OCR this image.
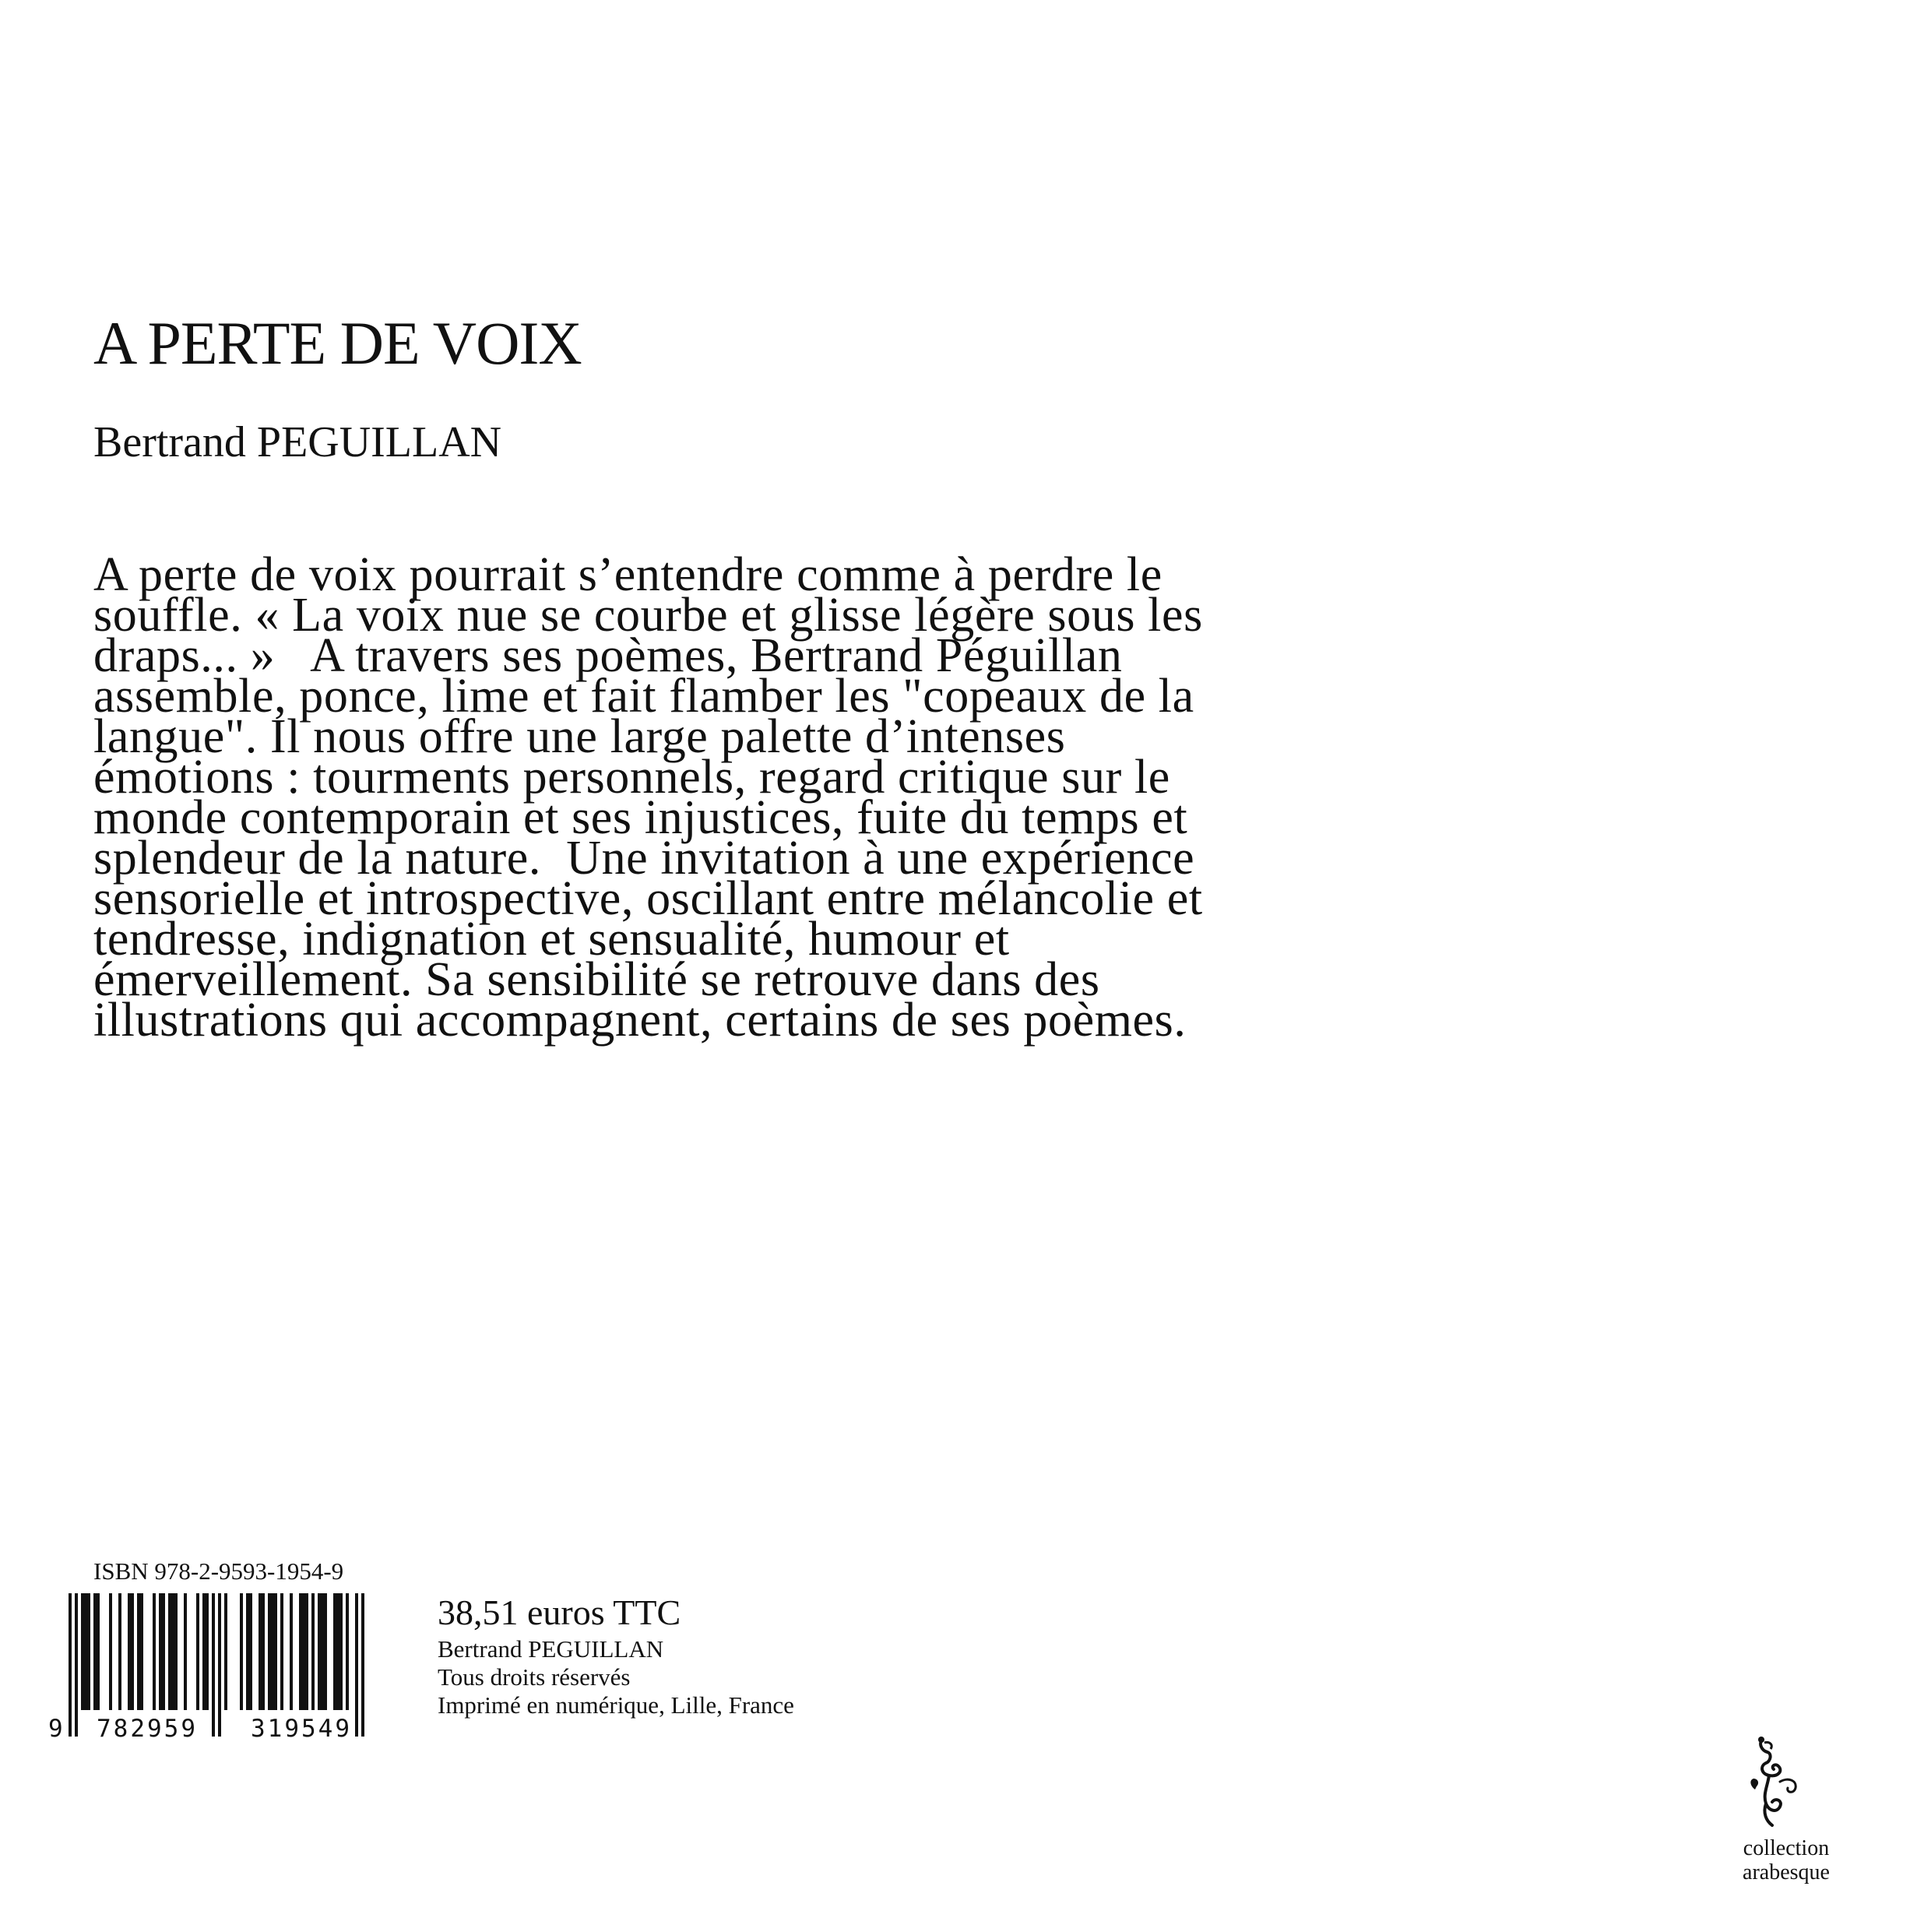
A PERTE DE VOIX
Bertrand PEGUILLAN
A perte de voix pourrait s’entendre comme à perdre le
souffle. « La voix nue se courbe et glisse légère sous les
draps... »   A travers ses poèmes, Bertrand Péguillan
assemble, ponce, lime et fait flamber les "copeaux de la
langue". Il nous offre une large palette d’intenses
émotions : tourments personnels, regard critique sur le
monde contemporain et ses injustices, fuite du temps et
splendeur de la nature.  Une invitation à une expérience
sensorielle et introspective, oscillant entre mélancolie et
tendresse, indignation et sensualité, humour et
émerveillement. Sa sensibilité se retrouve dans des
illustrations qui accompagnent, certains de ses poèmes.
ISBN 978-2-9593-1954-9
9 782959 319549
38,51 euros TTC
Bertrand PEGUILLAN
Tous droits réservés
Imprimé en numérique, Lille, France
collection
arabesque
